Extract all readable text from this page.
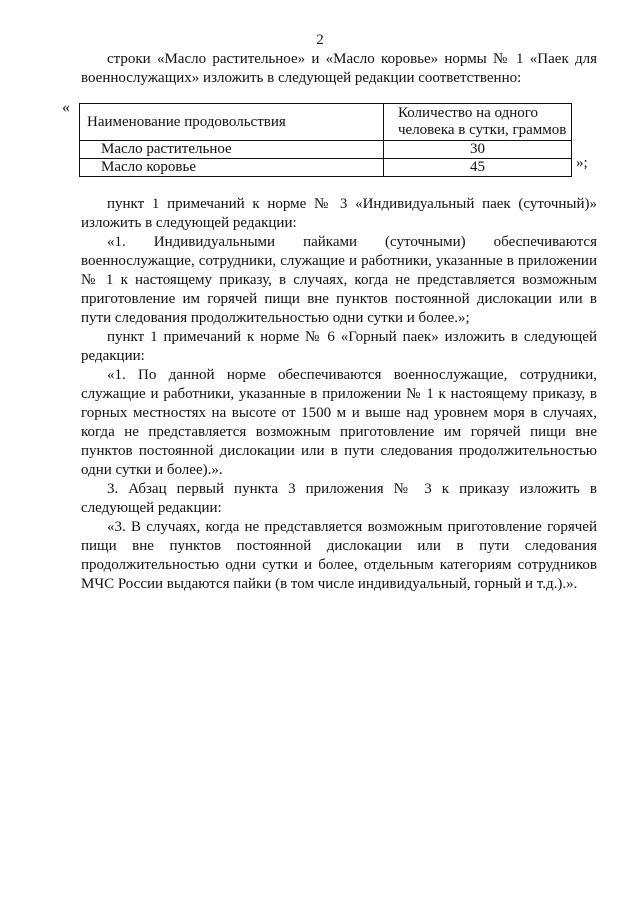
2

строки «Масло растительное» и «Масло коровье» нормы № 1 «Паек для

военнослужащих» изложить в следующей редакции соответственно:

«
Наименование продовольствия	Количество на одного человека в сутки, граммов
Масло растительное	30
Масло коровье	45	»;

пункт 1 примечаний к норме № 3 «Индивидуальный паек (суточный)» изложить в следующей редакции:

«1. Индивидуальными пайками (суточными) обеспечиваются военнослужащие, сотрудники, служащие и работники, указанные в приложении № 1 к настоящему приказу, в случаях, когда не представляется возможным приготовление им горячей пищи вне пунктов постоянной дислокации или в пути следования продолжительностью одни сутки и более.»;

пункт 1 примечаний к норме № 6 «Горный паек» изложить в следующей редакции:

«1. По данной норме обеспечиваются военнослужащие, сотрудники, служащие и работники, указанные в приложении № 1 к настоящему приказу, в горных местностях на высоте от 1500 м и выше над уровнем моря в случаях, когда не представляется возможным приготовление им горячей пищи вне пунктов постоянной дислокации или в пути следования продолжительностью одни сутки и более).».

3. Абзац первый пункта 3 приложения № 3 к приказу изложить в следующей редакции:

«3. В случаях, когда не представляется возможным приготовление горячей пищи вне пунктов постоянной дислокации или в пути следования продолжительностью одни сутки и более, отдельным категориям сотрудников МЧС России выдаются пайки (в том числе индивидуальный, горный и т.д.).».
